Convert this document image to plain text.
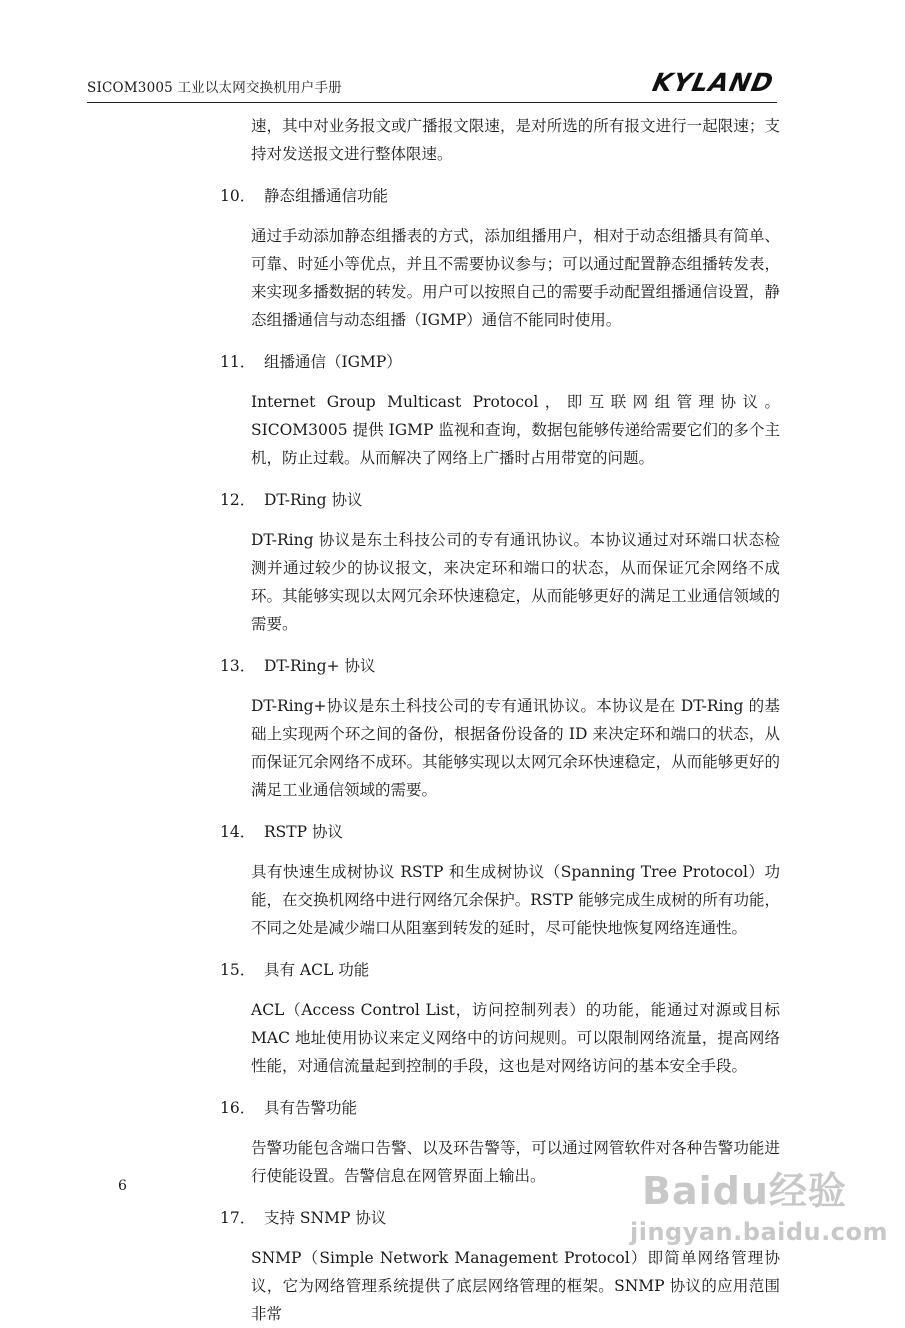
SICOM3005 工业以太网交换机用户手册	KYLAND
速，其中对业务报文或广播报文限速，是对所选的所有报文进行一起限速；支持对发送报文进行整体限速。
10． 静态组播通信功能
通过手动添加静态组播表的方式，添加组播用户，相对于动态组播具有简单、可靠、时延小等优点，并且不需要协议参与；可以通过配置静态组播转发表，来实现多播数据的转发。用户可以按照自己的需要手动配置组播通信设置，静态组播通信与动态组播（IGMP）通信不能同时使用。
11． 组播通信（IGMP）
Internet Group Multicast Protocol，即互联网组管理协议。SICOM3005 提供 IGMP 监视和查询，数据包能够传递给需要它们的多个主机，防止过载。从而解决了网络上广播时占用带宽的问题。
12． DT-Ring 协议
DT-Ring 协议是东土科技公司的专有通讯协议。本协议通过对环端口状态检测并通过较少的协议报文，来决定环和端口的状态，从而保证冗余网络不成环。其能够实现以太网冗余环快速稳定，从而能够更好的满足工业通信领域的需要。
13． DT-Ring+ 协议
DT-Ring+协议是东土科技公司的专有通讯协议。本协议是在 DT-Ring 的基础上实现两个环之间的备份，根据备份设备的 ID 来决定环和端口的状态，从而保证冗余网络不成环。其能够实现以太网冗余环快速稳定，从而能够更好的满足工业通信领域的需要。
14． RSTP 协议
具有快速生成树协议 RSTP 和生成树协议（Spanning Tree Protocol）功能，在交换机网络中进行网络冗余保护。RSTP 能够完成生成树的所有功能，不同之处是减少端口从阻塞到转发的延时，尽可能快地恢复网络连通性。
15． 具有 ACL 功能
ACL（Access Control List，访问控制列表）的功能，能通过对源或目标 MAC 地址使用协议来定义网络中的访问规则。可以限制网络流量，提高网络性能，对通信流量起到控制的手段，这也是对网络访问的基本安全手段。
16． 具有告警功能
告警功能包含端口告警、以及环告警等，可以通过网管软件对各种告警功能进行使能设置。告警信息在网管界面上输出。
17． 支持 SNMP 协议
SNMP（Simple Network Management Protocol）即简单网络管理协议，它为网络管理系统提供了底层网络管理的框架。SNMP 协议的应用范围非常
6	Baidu经验
jingyan.baidu.com
